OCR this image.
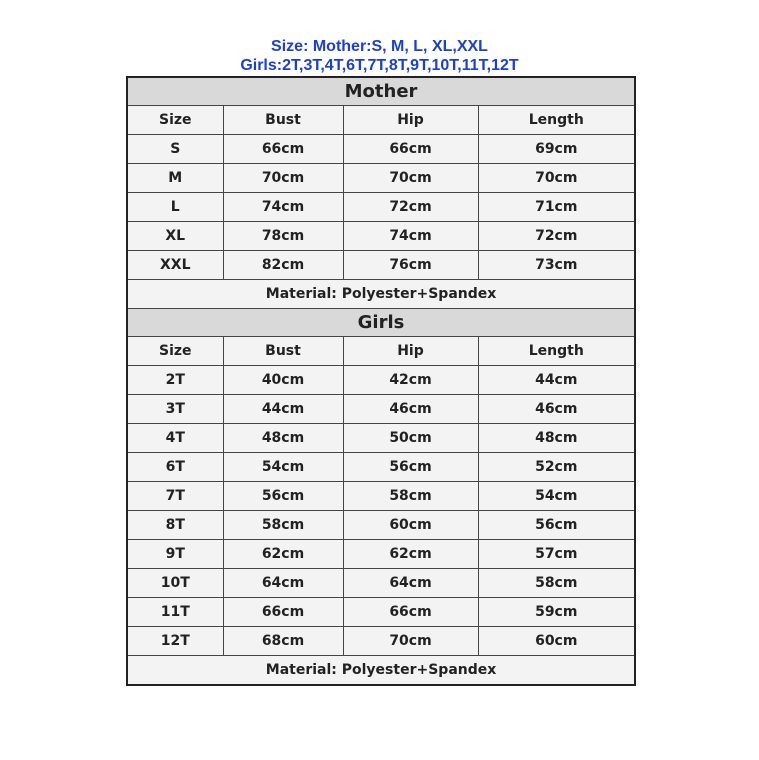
Size: Mother:S, M, L, XL,XXL
Girls:2T,3T,4T,6T,7T,8T,9T,10T,11T,12T
Mother			
Size	Bust	Hip	Length
S	66cm	66cm	69cm
M	70cm	70cm	70cm
L	74cm	72cm	71cm
XL	78cm	74cm	72cm
XXL	82cm	76cm	73cm
Material: Polyester+Spandex			
Girls			
Size	Bust	Hip	Length
2T	40cm	42cm	44cm
3T	44cm	46cm	46cm
4T	48cm	50cm	48cm
6T	54cm	56cm	52cm
7T	56cm	58cm	54cm
8T	58cm	60cm	56cm
9T	62cm	62cm	57cm
10T	64cm	64cm	58cm
11T	66cm	66cm	59cm
12T	68cm	70cm	60cm
Material: Polyester+Spandex			
